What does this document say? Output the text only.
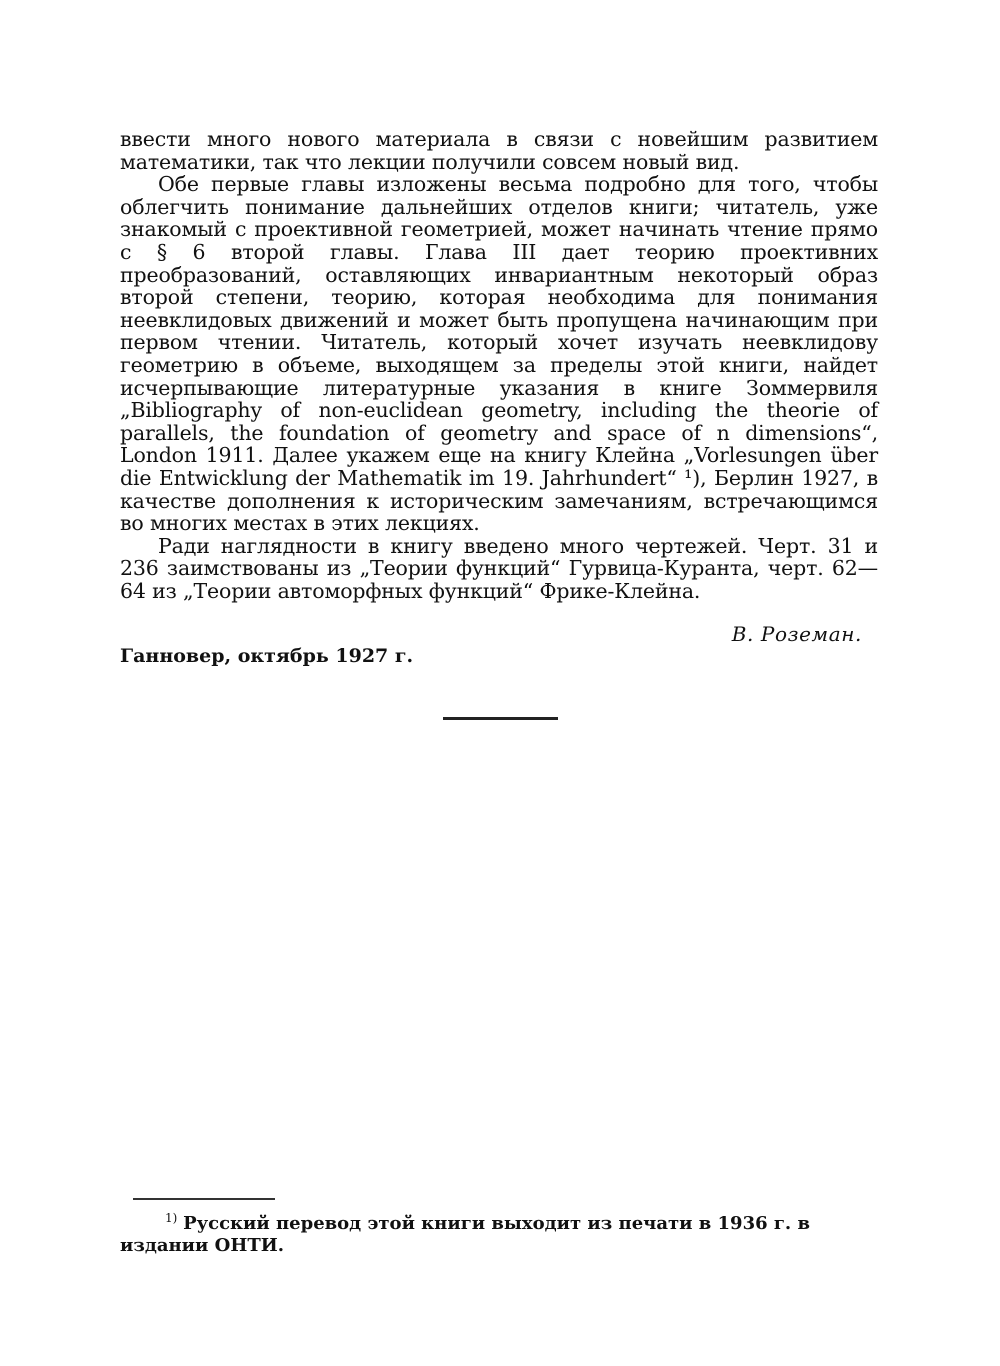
ввести много нового материала в связи с новейшим развитием математики, так что лекции получили совсем новый вид.

Обе первые главы изложены весьма подробно для того, чтобы облегчить понимание дальнейших отделов книги; читатель, уже знакомый с проективной геометрией, может начинать чтение прямо с § 6 второй главы. Глава III дает теорию проективних преобразований, оставляющих инвариантным некоторый образ второй степени, теорию, которая необходима для понимания неевклидовых движений и может быть пропущена начинающим при первом чтении. Читатель, который хочет изучать неевклидову геометрию в объеме, выходящем за пределы этой книги, найдет исчерпывающие литературные указания в книге Зоммервиля „Bibliography of non-euclidean geometry, including the theorie of parallels, the foundation of geometry and space of n dimensions“, London 1911. Далее укажем еще на книгу Клейна „Vorlesungen über die Entwicklung der Mathematik im 19. Jahrhundert“ ¹), Берлин 1927, в качестве дополнения к историческим замечаниям, встречающимся во многих местах в этих лекциях.

Ради наглядности в книгу введено много чертежей. Черт. 31 и 236 заимствованы из „Теории функций“ Гурвица-Куранта, черт. 62—64 из „Теории автоморфных функций“ Фрике-Клейна.

В. Роземан.
Ганновер, октябрь 1927 г.
$^{1)}$ Русский перевод этой книги выходит из печати в 1936 г. в издании ОНТИ.
